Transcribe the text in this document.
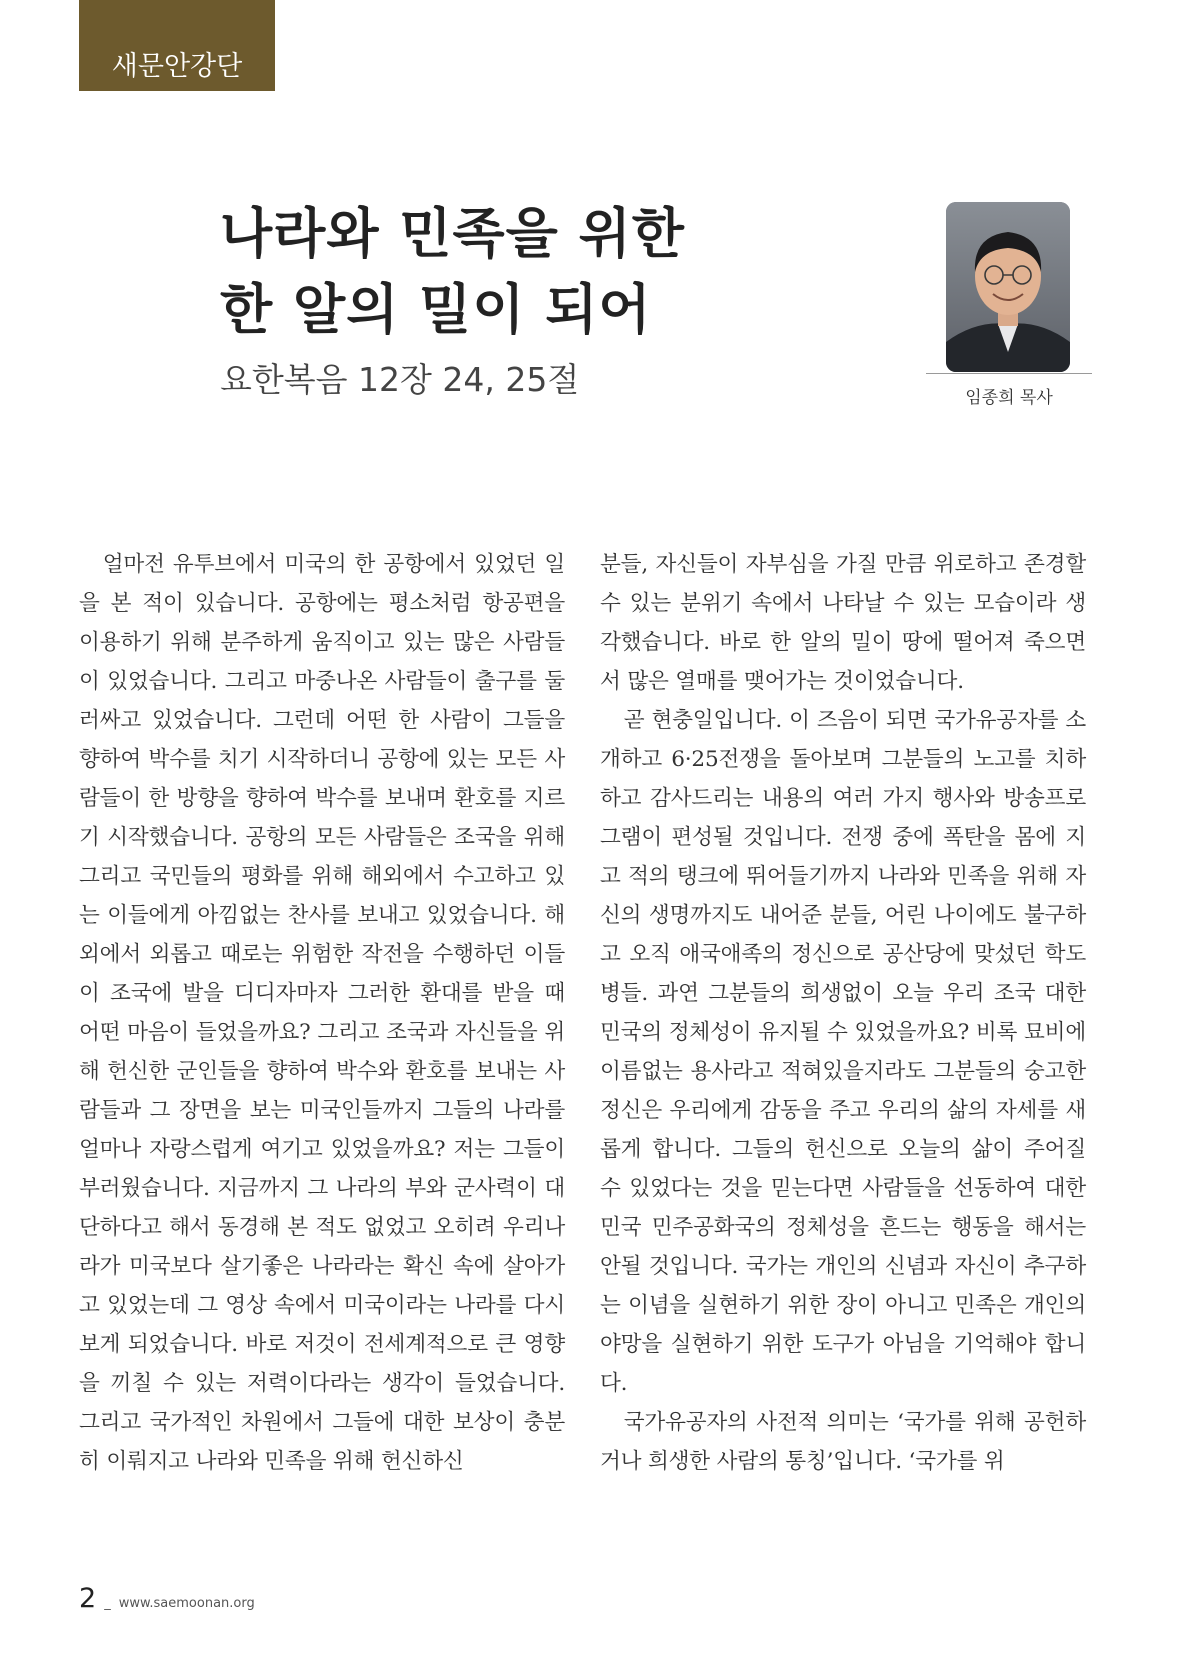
새문안강단
나라와 민족을 위한
한 알의 밀이 되어
요한복음 12장 24, 25절	임종희 목사

얼마전 유투브에서 미국의 한 공항에서 있었던 일을 본 적이 있습니다. 공항에는 평소처럼 항공편을 이용하기 위해 분주하게 움직이고 있는 많은 사람들이 있었습니다. 그리고 마중나온 사람들이 출구를 둘러싸고 있었습니다. 그런데 어떤 한 사람이 그들을 향하여 박수를 치기 시작하더니 공항에 있는 모든 사람들이 한 방향을 향하여 박수를 보내며 환호를 지르기 시작했습니다. 공항의 모든 사람들은 조국을 위해 그리고 국민들의 평화를 위해 해외에서 수고하고 있는 이들에게 아낌없는 찬사를 보내고 있었습니다. 해외에서 외롭고 때로는 위험한 작전을 수행하던 이들이 조국에 발을 디디자마자 그러한 환대를 받을 때 어떤 마음이 들었을까요? 그리고 조국과 자신들을 위해 헌신한 군인들을 향하여 박수와 환호를 보내는 사람들과 그 장면을 보는 미국인들까지 그들의 나라를 얼마나 자랑스럽게 여기고 있었을까요? 저는 그들이 부러웠습니다. 지금까지 그 나라의 부와 군사력이 대단하다고 해서 동경해 본 적도 없었고 오히려 우리나라가 미국보다 살기좋은 나라라는 확신 속에 살아가고 있었는데 그 영상 속에서 미국이라는 나라를 다시 보게 되었습니다. 바로 저것이 전세계적으로 큰 영향을 끼칠 수 있는 저력이다라는 생각이 들었습니다. 그리고 국가적인 차원에서 그들에 대한 보상이 충분히 이뤄지고 나라와 민족을 위해 헌신하신

분들, 자신들이 자부심을 가질 만큼 위로하고 존경할 수 있는 분위기 속에서 나타날 수 있는 모습이라 생각했습니다. 바로 한 알의 밀이 땅에 떨어져 죽으면서 많은 열매를 맺어가는 것이었습니다.

곧 현충일입니다. 이 즈음이 되면 국가유공자를 소개하고 6·25전쟁을 돌아보며 그분들의 노고를 치하하고 감사드리는 내용의 여러 가지 행사와 방송프로그램이 편성될 것입니다. 전쟁 중에 폭탄을 몸에 지고 적의 탱크에 뛰어들기까지 나라와 민족을 위해 자신의 생명까지도 내어준 분들, 어린 나이에도 불구하고 오직 애국애족의 정신으로 공산당에 맞섰던 학도병들. 과연 그분들의 희생없이 오늘 우리 조국 대한민국의 정체성이 유지될 수 있었을까요? 비록 묘비에 이름없는 용사라고 적혀있을지라도 그분들의 숭고한 정신은 우리에게 감동을 주고 우리의 삶의 자세를 새롭게 합니다. 그들의 헌신으로 오늘의 삶이 주어질 수 있었다는 것을 믿는다면 사람들을 선동하여 대한민국 민주공화국의 정체성을 흔드는 행동을 해서는 안될 것입니다. 국가는 개인의 신념과 자신이 추구하는 이념을 실현하기 위한 장이 아니고 민족은 개인의 야망을 실현하기 위한 도구가 아님을 기억해야 합니다.

국가유공자의 사전적 의미는 ‘국가를 위해 공헌하거나 희생한 사람의 통칭’입니다. ‘국가를 위

2 _ www.saemoonan.org
